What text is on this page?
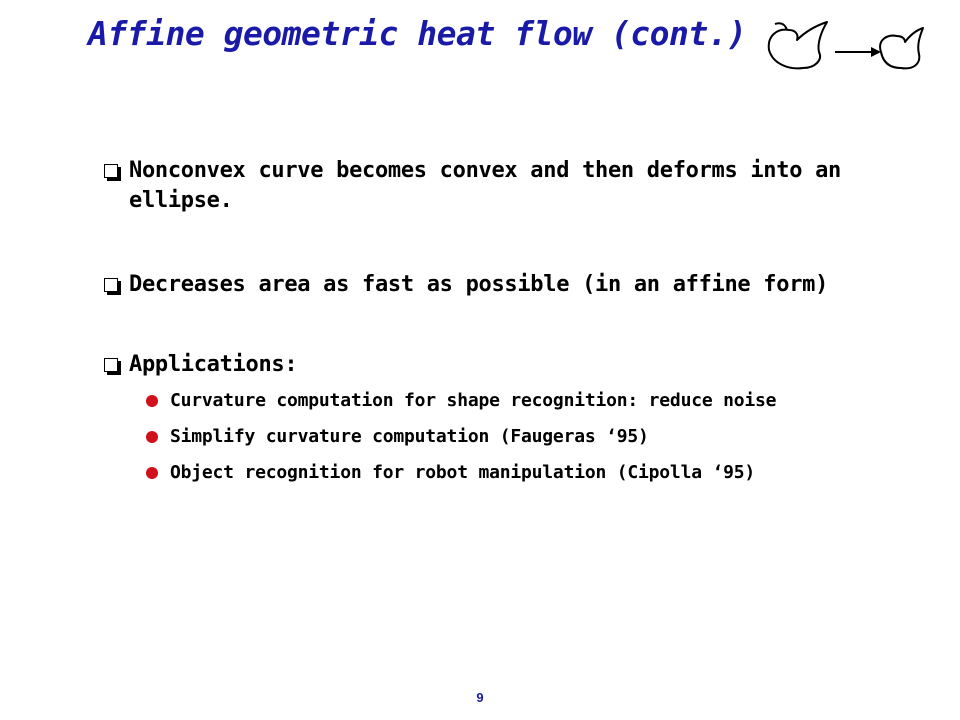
Affine geometric heat flow (cont.)
Nonconvex curve becomes convex and then deforms into an ellipse.
Decreases area as fast as possible (in an affine form)
Applications:
Curvature computation for shape recognition: reduce noise
Simplify curvature computation (Faugeras ‘95)
Object recognition for robot manipulation (Cipolla ‘95)
9
